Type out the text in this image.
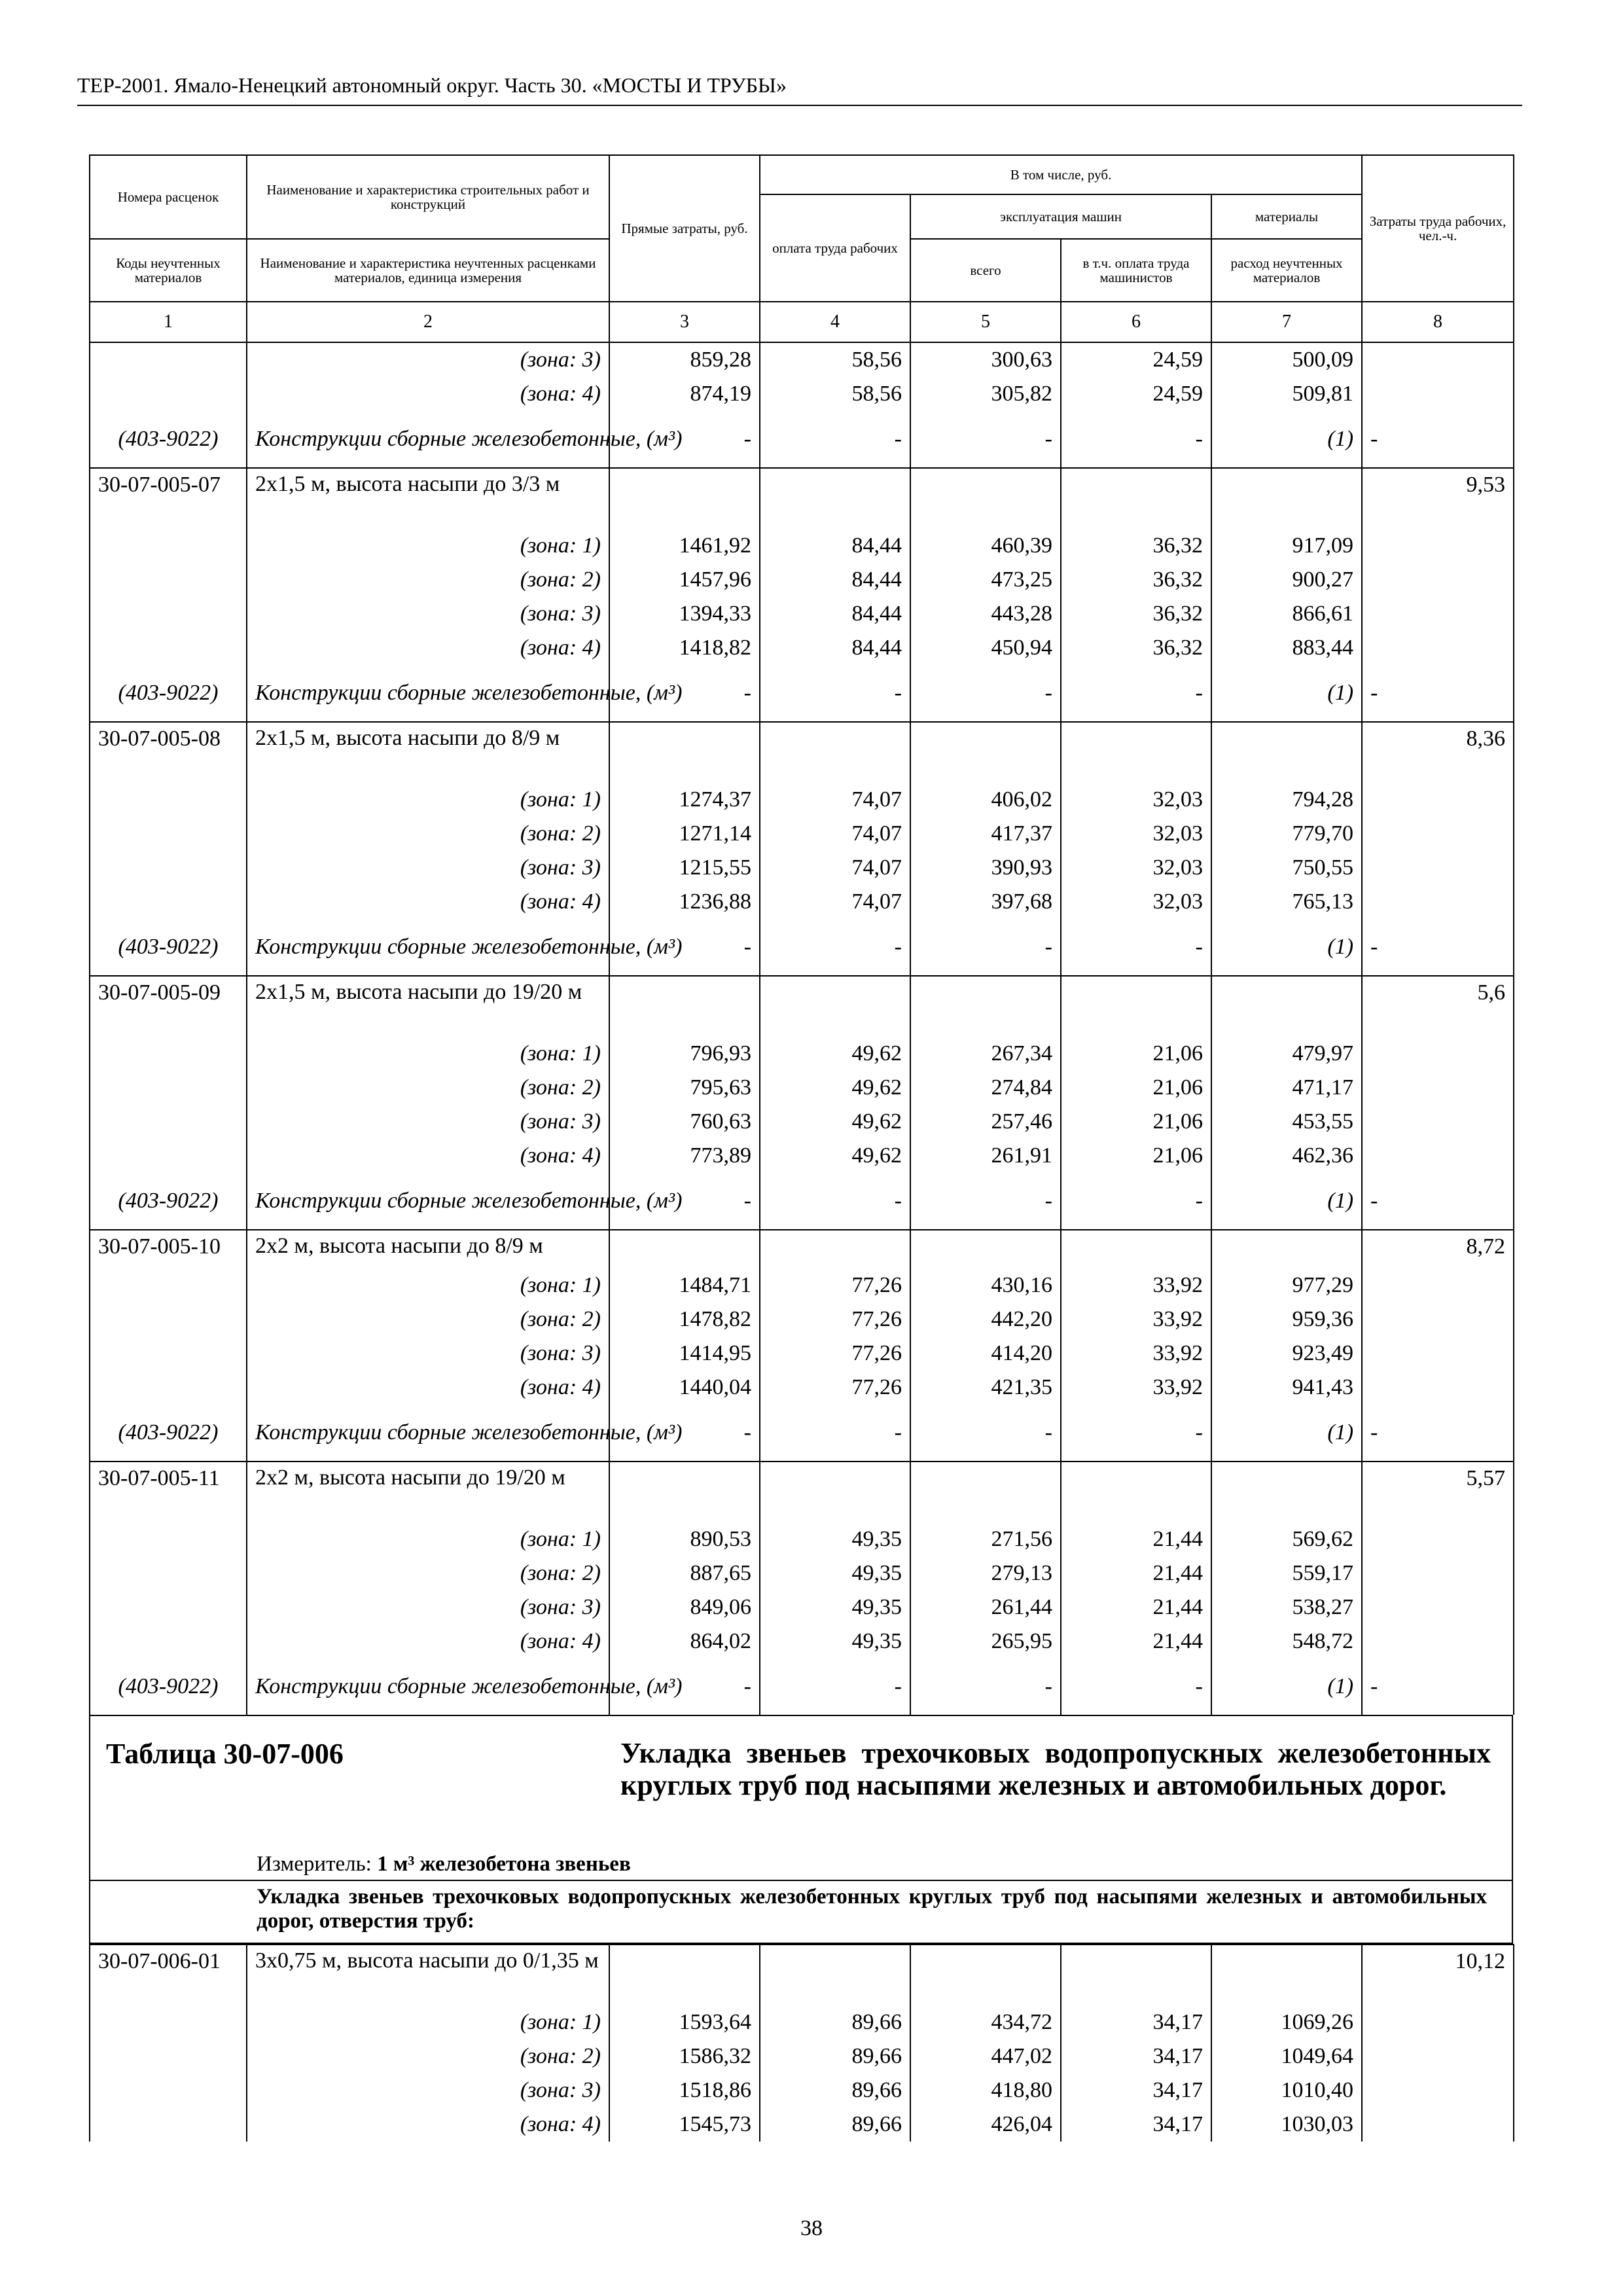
ТЕР-2001. Ямало-Ненецкий автономный округ. Часть 30. «МОСТЫ И ТРУБЫ»
Номера расценок	Наименование и характеристика строительных работ и конструкций	Прямые затраты, руб.	В том числе, руб.				Затраты труда рабочих, чел.-ч.
			оплата труда рабочих	эксплуатация машин		материалы	
Коды неучтенных материалов	Наименование и характеристика неучтенных расценками материалов, единица измерения			всего	в т.ч. оплата труда машинистов	расход неучтенных материалов	
1	2	3	4	5	6	7	8
	(зона: 3)	859,28	58,56	300,63	24,59	500,09	
	(зона: 4)	874,19	58,56	305,82	24,59	509,81	
(403-9022)	Конструкции сборные железобетонные, (м³)	-	-	-	-	(1)	-
30-07-005-07	2х1,5 м, высота насыпи до 3/3 м						9,53
	(зона: 1)	1461,92	84,44	460,39	36,32	917,09	
	(зона: 2)	1457,96	84,44	473,25	36,32	900,27	
	(зона: 3)	1394,33	84,44	443,28	36,32	866,61	
	(зона: 4)	1418,82	84,44	450,94	36,32	883,44	
(403-9022)	Конструкции сборные железобетонные, (м³)	-	-	-	-	(1)	-
30-07-005-08	2х1,5 м, высота насыпи до 8/9 м						8,36
	(зона: 1)	1274,37	74,07	406,02	32,03	794,28	
	(зона: 2)	1271,14	74,07	417,37	32,03	779,70	
	(зона: 3)	1215,55	74,07	390,93	32,03	750,55	
	(зона: 4)	1236,88	74,07	397,68	32,03	765,13	
(403-9022)	Конструкции сборные железобетонные, (м³)	-	-	-	-	(1)	-
30-07-005-09	2х1,5 м, высота насыпи до 19/20 м						5,6
	(зона: 1)	796,93	49,62	267,34	21,06	479,97	
	(зона: 2)	795,63	49,62	274,84	21,06	471,17	
	(зона: 3)	760,63	49,62	257,46	21,06	453,55	
	(зона: 4)	773,89	49,62	261,91	21,06	462,36	
(403-9022)	Конструкции сборные железобетонные, (м³)	-	-	-	-	(1)	-
30-07-005-10	2х2 м, высота насыпи до 8/9 м						8,72
	(зона: 1)	1484,71	77,26	430,16	33,92	977,29	
	(зона: 2)	1478,82	77,26	442,20	33,92	959,36	
	(зона: 3)	1414,95	77,26	414,20	33,92	923,49	
	(зона: 4)	1440,04	77,26	421,35	33,92	941,43	
(403-9022)	Конструкции сборные железобетонные, (м³)	-	-	-	-	(1)	-
30-07-005-11	2х2 м, высота насыпи до 19/20 м						5,57
	(зона: 1)	890,53	49,35	271,56	21,44	569,62	
	(зона: 2)	887,65	49,35	279,13	21,44	559,17	
	(зона: 3)	849,06	49,35	261,44	21,44	538,27	
	(зона: 4)	864,02	49,35	265,95	21,44	548,72	
(403-9022)	Конструкции сборные железобетонные, (м³)	-	-	-	-	(1)	-
Таблица 30-07-006	Укладка звеньев трехочковых водопропускных железобетонных круглых труб под насыпями железных и автомобильных дорог.
Измеритель: 1 м³ железобетона звеньев
Укладка звеньев трехочковых водопропускных железобетонных круглых труб под насыпями железных и автомобильных дорог, отверстия труб:
30-07-006-01	3х0,75 м, высота насыпи до 0/1,35 м						10,12
	(зона: 1)	1593,64	89,66	434,72	34,17	1069,26	
	(зона: 2)	1586,32	89,66	447,02	34,17	1049,64	
	(зона: 3)	1518,86	89,66	418,80	34,17	1010,40	
	(зона: 4)	1545,73	89,66	426,04	34,17	1030,03	
38
